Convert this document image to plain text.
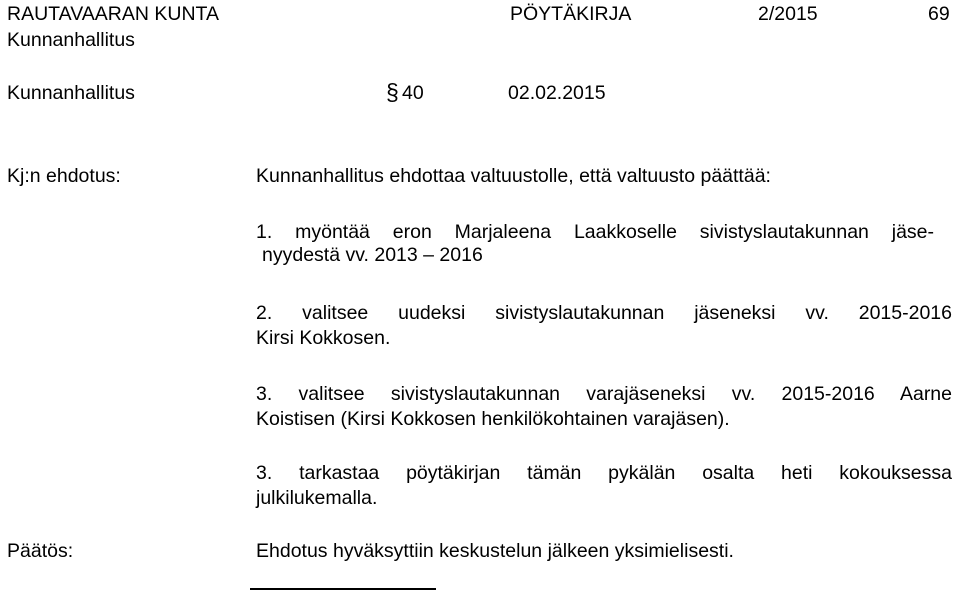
RAUTAVAARAN KUNTA
Kunnanhallitus
PÖYTÄKIRJA	2/2015	69
Kunnanhallitus	§ 40	02.02.2015
Kj:n ehdotus:	Kunnanhallitus ehdottaa valtuustolle, että valtuusto päättää:
1. myöntää eron Marjaleena Laakkoselle sivistyslautakunnan jäse-
nyydestä vv. 2013 – 2016
2. valitsee uudeksi sivistyslautakunnan jäseneksi vv. 2015-2016
Kirsi Kokkosen.
3. valitsee sivistyslautakunnan varajäseneksi vv. 2015-2016 Aarne
Koistisen (Kirsi Kokkosen henkilökohtainen varajäsen).
3. tarkastaa pöytäkirjan tämän pykälän osalta heti kokouksessa
julkilukemalla.
Päätös:	Ehdotus hyväksyttiin keskustelun jälkeen yksimielisesti.
